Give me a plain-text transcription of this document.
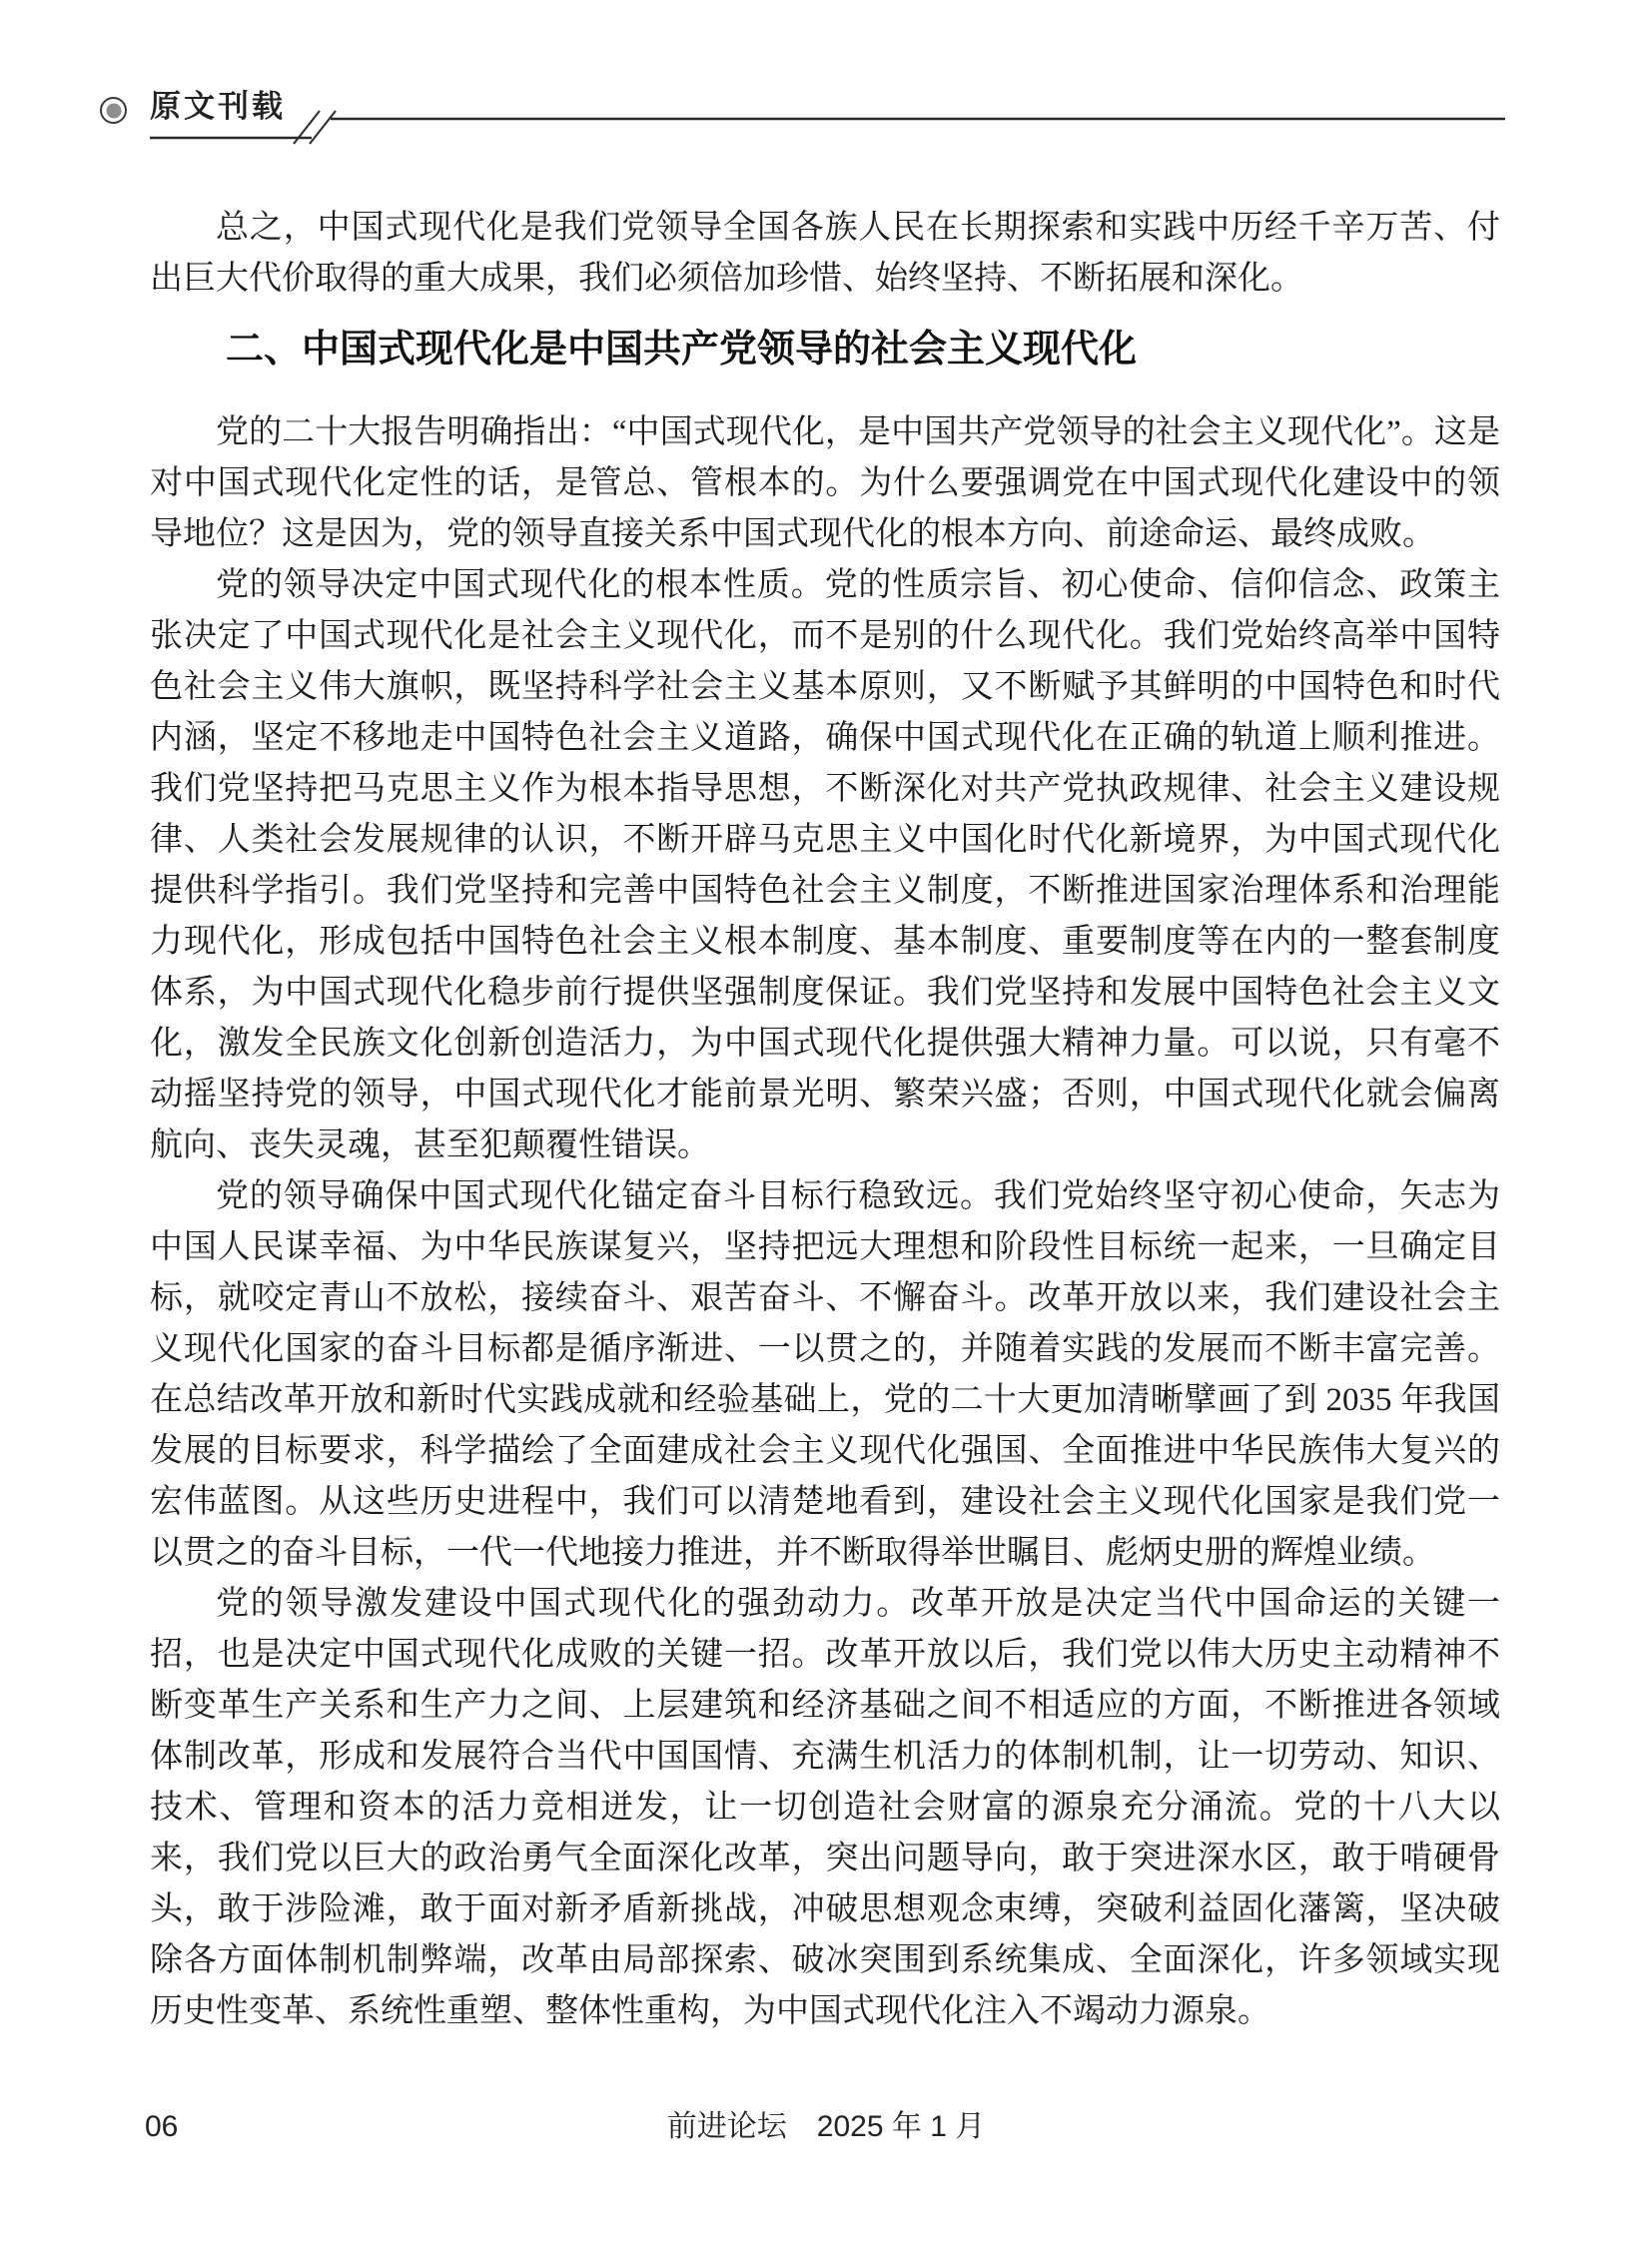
原文刊载

总之，中国式现代化是我们党领导全国各族人民在长期探索和实践中历经千辛万苦、付出巨大代价取得的重大成果，我们必须倍加珍惜、始终坚持、不断拓展和深化。

二、中国式现代化是中国共产党领导的社会主义现代化

党的二十大报告明确指出：“中国式现代化，是中国共产党领导的社会主义现代化”。这是对中国式现代化定性的话，是管总、管根本的。为什么要强调党在中国式现代化建设中的领导地位？这是因为，党的领导直接关系中国式现代化的根本方向、前途命运、最终成败。

党的领导决定中国式现代化的根本性质。党的性质宗旨、初心使命、信仰信念、政策主张决定了中国式现代化是社会主义现代化，而不是别的什么现代化。我们党始终高举中国特色社会主义伟大旗帜，既坚持科学社会主义基本原则，又不断赋予其鲜明的中国特色和时代内涵，坚定不移地走中国特色社会主义道路，确保中国式现代化在正确的轨道上顺利推进。我们党坚持把马克思主义作为根本指导思想，不断深化对共产党执政规律、社会主义建设规律、人类社会发展规律的认识，不断开辟马克思主义中国化时代化新境界，为中国式现代化提供科学指引。我们党坚持和完善中国特色社会主义制度，不断推进国家治理体系和治理能力现代化，形成包括中国特色社会主义根本制度、基本制度、重要制度等在内的一整套制度体系，为中国式现代化稳步前行提供坚强制度保证。我们党坚持和发展中国特色社会主义文化，激发全民族文化创新创造活力，为中国式现代化提供强大精神力量。可以说，只有毫不动摇坚持党的领导，中国式现代化才能前景光明、繁荣兴盛；否则，中国式现代化就会偏离航向、丧失灵魂，甚至犯颠覆性错误。

党的领导确保中国式现代化锚定奋斗目标行稳致远。我们党始终坚守初心使命，矢志为中国人民谋幸福、为中华民族谋复兴，坚持把远大理想和阶段性目标统一起来，一旦确定目标，就咬定青山不放松，接续奋斗、艰苦奋斗、不懈奋斗。改革开放以来，我们建设社会主义现代化国家的奋斗目标都是循序渐进、一以贯之的，并随着实践的发展而不断丰富完善。在总结改革开放和新时代实践成就和经验基础上，党的二十大更加清晰擘画了到 2035 年我国发展的目标要求，科学描绘了全面建成社会主义现代化强国、全面推进中华民族伟大复兴的宏伟蓝图。从这些历史进程中，我们可以清楚地看到，建设社会主义现代化国家是我们党一以贯之的奋斗目标，一代一代地接力推进，并不断取得举世瞩目、彪炳史册的辉煌业绩。

党的领导激发建设中国式现代化的强劲动力。改革开放是决定当代中国命运的关键一招，也是决定中国式现代化成败的关键一招。改革开放以后，我们党以伟大历史主动精神不断变革生产关系和生产力之间、上层建筑和经济基础之间不相适应的方面，不断推进各领域体制改革，形成和发展符合当代中国国情、充满生机活力的体制机制，让一切劳动、知识、技术、管理和资本的活力竞相迸发，让一切创造社会财富的源泉充分涌流。党的十八大以来，我们党以巨大的政治勇气全面深化改革，突出问题导向，敢于突进深水区，敢于啃硬骨头，敢于涉险滩，敢于面对新矛盾新挑战，冲破思想观念束缚，突破利益固化藩篱，坚决破除各方面体制机制弊端，改革由局部探索、破冰突围到系统集成、全面深化，许多领域实现历史性变革、系统性重塑、整体性重构，为中国式现代化注入不竭动力源泉。

06	前进论坛　2025 年 1 月
